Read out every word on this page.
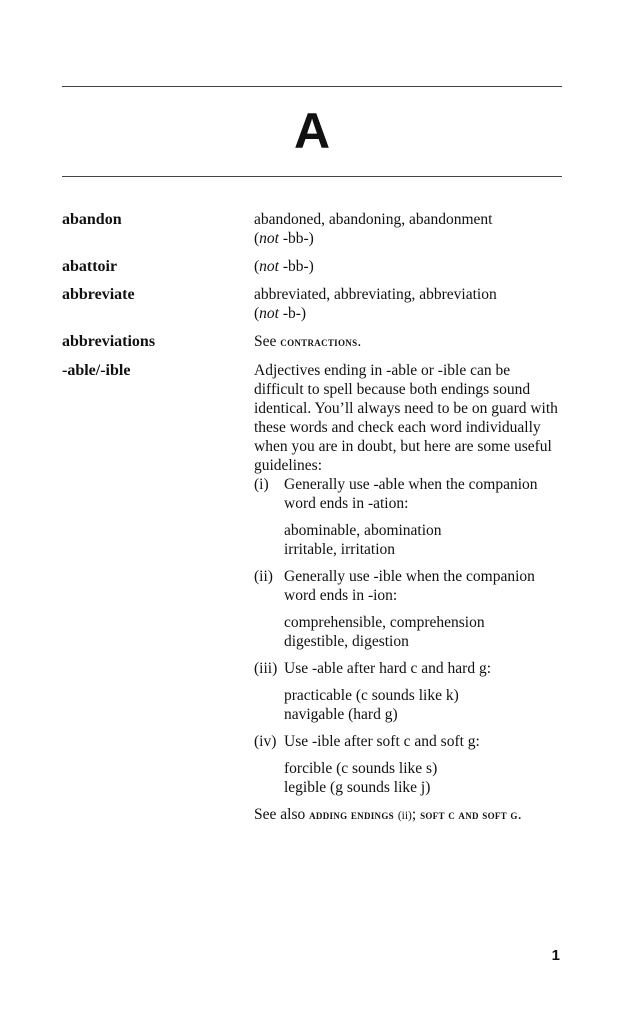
A
abandon	abandoned, abandoning, abandonment

(not -bb-)

abattoir	(not -bb-)

abbreviate	abbreviated, abbreviating, abbreviation

(not -b-)

abbreviations	See contractions.

-able/-ible	Adjectives ending in -able or -ible can be difficult to spell because both endings sound identical. You’ll always need to be on guard with these words and check each word individually when you are in doubt, but here are some useful guidelines:

(i) Generally use -able when the companion word ends in -ation:

abominable, abomination

irritable, irritation

(ii) Generally use -ible when the companion word ends in -ion:

comprehensible, comprehension

digestible, digestion

(iii) Use -able after hard c and hard g:

practicable (c sounds like k)

navigable (hard g)

(iv) Use -ible after soft c and soft g:

forcible (c sounds like s)

legible (g sounds like j)

See also adding endings (ii); soft c and soft g.

1
